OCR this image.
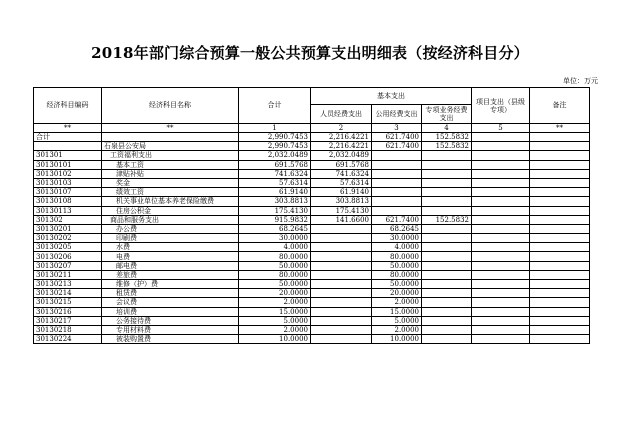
2018年部门综合预算一般公共预算支出明细表（按经济科目分）
单位：万元
经济科目编码	经济科目名称	合计	基本支出			项目支出（县级专项）	备注
			人员经费支出	公用经费支出	专项业务经费支出		
**	**	1	2	3	4	5	**
合计		2,990.7453	2,216.4221	621.7400	152.5832		
	石泉县公安局	2,990.7453	2,216.4221	621.7400	152.5832		
301301	工资福利支出	2,032.0489	2,032.0489				
30130101	基本工资	691.5768	691.5768				
30130102	津贴补贴	741.6324	741.6324				
30130103	奖金	57.6314	57.6314				
30130107	绩效工资	61.9140	61.9140				
30130108	机关事业单位基本养老保险缴费	303.8813	303.8813				
30130113	住房公积金	175.4130	175.4130				
301302	商品和服务支出	915.9832	141.6600	621.7400	152.5832		
30130201	办公费	68.2645		68.2645			
30130202	印刷费	30.0000		30.0000			
30130205	水费	4.0000		4.0000			
30130206	电费	80.0000		80.0000			
30130207	邮电费	50.0000		50.0000			
30130211	差旅费	80.0000		80.0000			
30130213	维修（护）费	50.0000		50.0000			
30130214	租赁费	20.0000		20.0000			
30130215	会议费	2.0000		2.0000			
30130216	培训费	15.0000		15.0000			
30130217	公务接待费	5.0000		5.0000			
30130218	专用材料费	2.0000		2.0000			
30130224	被装购置费	10.0000		10.0000			
